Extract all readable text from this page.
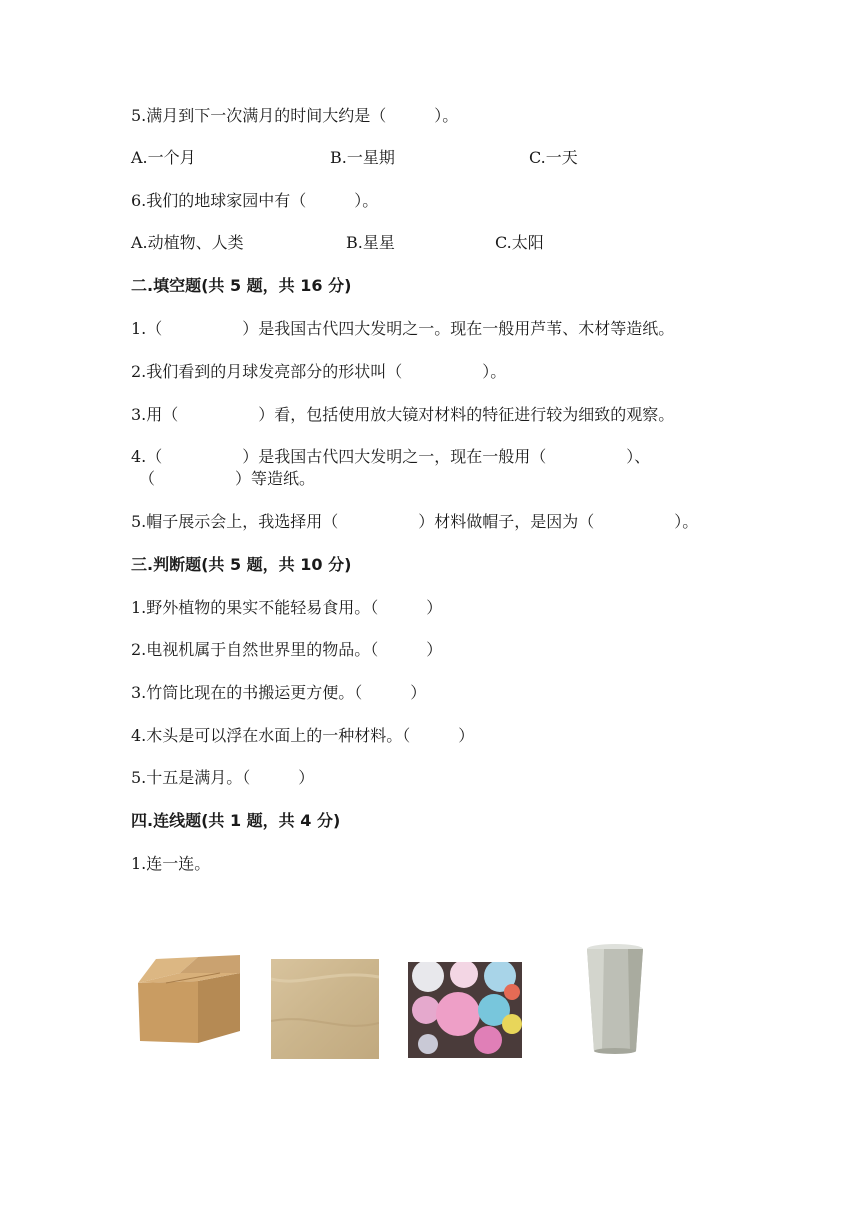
5.满月到下一次满月的时间大约是（　　　）。
A.一个月	B.一星期	C.一天
6.我们的地球家园中有（　　　）。
A.动植物、人类	B.星星	C.太阳
二.填空题(共 5 题，共 16 分)
1.（　　　　　）是我国古代四大发明之一。现在一般用芦苇、木材等造纸。
2.我们看到的月球发亮部分的形状叫（　　　　　）。
3.用（　　　　　）看，包括使用放大镜对材料的特征进行较为细致的观察。
4.（　　　　　）是我国古代四大发明之一，现在一般用（　　　　　）、
（　　　　　）等造纸。
5.帽子展示会上，我选择用（　　　　　）材料做帽子，是因为（　　　　　）。
三.判断题(共 5 题，共 10 分)
1.野外植物的果实不能轻易食用。（　　　）
2.电视机属于自然世界里的物品。（　　　）
3.竹筒比现在的书搬运更方便。（　　　）
4.木头是可以浮在水面上的一种材料。（　　　）
5.十五是满月。（　　　）
四.连线题(共 1 题，共 4 分)
1.连一连。
